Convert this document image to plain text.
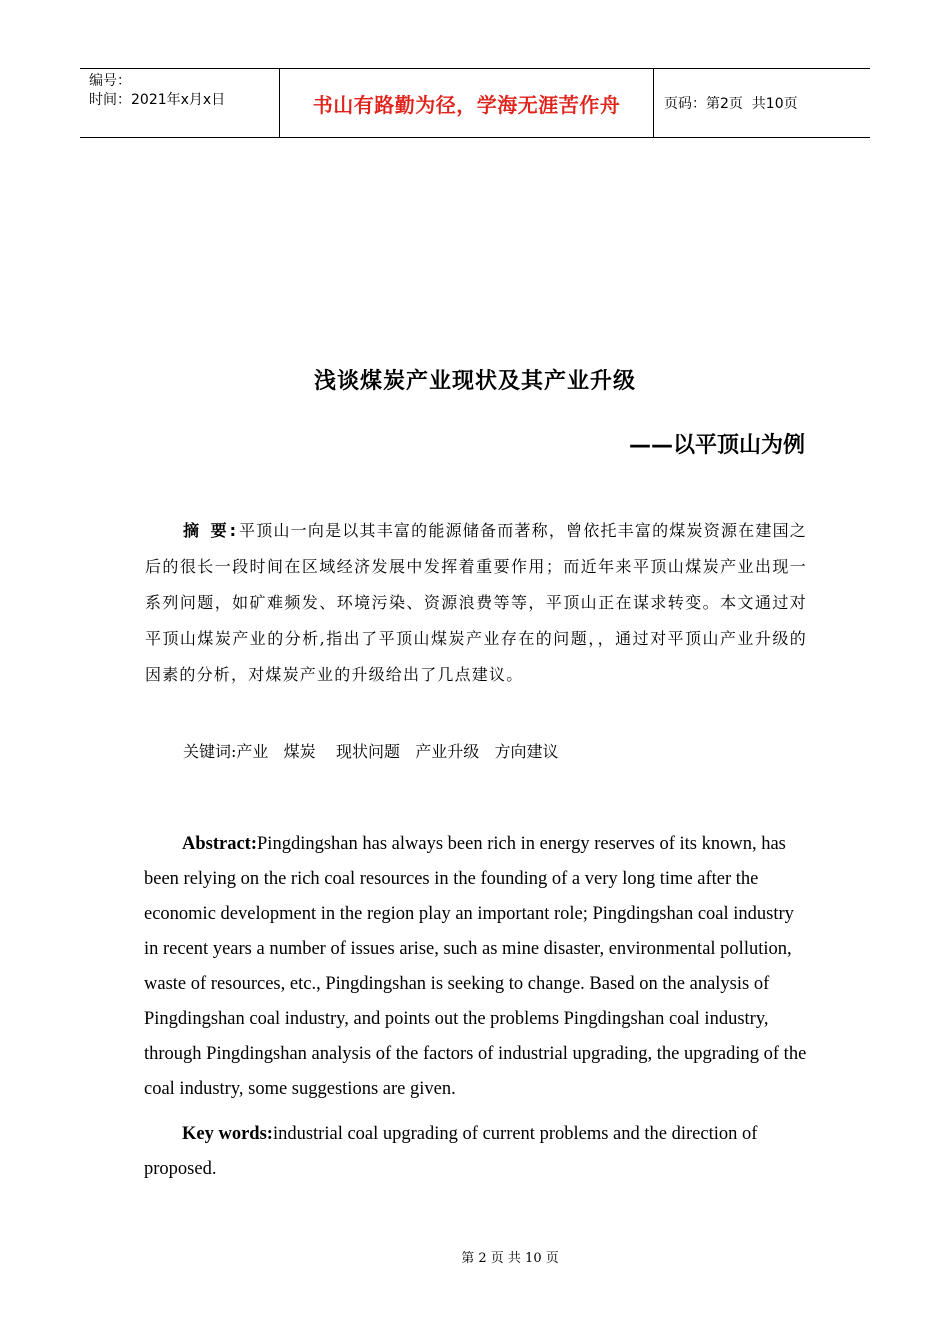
编号：
时间：2021年x月x日	书山有路勤为径，学海无涯苦作舟	页码：第2页  共10页
浅谈煤炭产业现状及其产业升级
——以平顶山为例
摘 要:平顶山一向是以其丰富的能源储备而著称，曾依托丰富的煤炭资源在建国之后的很长一段时间在区域经济发展中发挥着重要作用；而近年来平顶山煤炭产业出现一系列问题，如矿难频发、环境污染、资源浪费等等，平顶山正在谋求转变。本文通过对平顶山煤炭产业的分析,指出了平顶山煤炭产业存在的问题，，通过对平顶山产业升级的因素的分析，对煤炭产业的升级给出了几点建议。
关键词:产业   煤炭    现状问题   产业升级   方向建议
Abstract:Pingdingshan has always been rich in energy reserves of its known, has been relying on the rich coal resources in the founding of a very long time after the economic development in the region play an important role; Pingdingshan coal industry in recent years a number of issues arise, such as mine disaster, environmental pollution, waste of resources, etc., Pingdingshan is seeking to change. Based on the analysis of Pingdingshan coal industry, and points out the problems Pingdingshan coal industry, through Pingdingshan analysis of the factors of industrial upgrading, the upgrading of the coal industry, some suggestions are given.
Key words:industrial coal upgrading of current problems and the direction of proposed.
第 2 页 共 10 页
